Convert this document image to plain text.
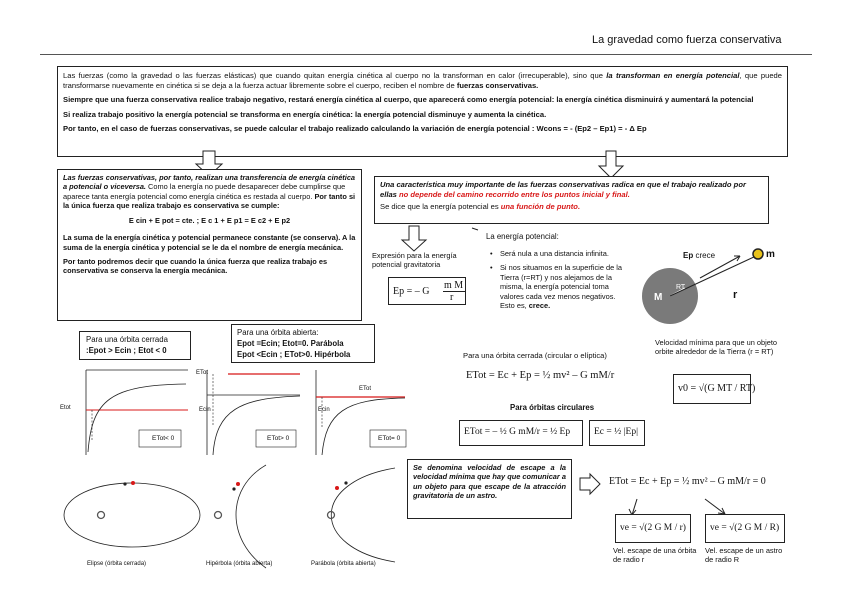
La gravedad como fuerza conservativa

Las fuerzas (como la gravedad o las fuerzas elásticas) que cuando quitan energía cinética al cuerpo no la transforman en calor (irrecuperable), sino que la transforman en energía potencial, que puede transformarse nuevamente en cinética si se deja a la fuerza actuar libremente sobre el cuerpo, reciben el nombre de fuerzas conservativas.

Siempre que una fuerza conservativa realice trabajo negativo, restará energía cinética al cuerpo, que aparecerá como energía potencial: la energía cinética disminuirá y aumentará la potencial

Si realiza trabajo positivo la energía potencial se transforma en energía cinética: la energía potencial disminuye y aumenta la cinética.

Por tanto, en el caso de fuerzas conservativas, se puede calcular el trabajo realizado calculando la variación de energía potencial : Wcons = - (Ep2 – Ep1) = - Δ Ep

Las fuerzas conservativas, por tanto, realizan una transferencia de energía cinética a potencial o viceversa. Como la energía no puede desaparecer debe cumplirse que aparece tanta energía potencial como energía cinética es restada al cuerpo. Por tanto si la única fuerza que realiza trabajo es conservativa se cumple:

E cin + E pot = cte. ; E c 1 + E p1 = E c2 + E p2

La suma de la energía cinética y potencial permanece constante (se conserva). A la suma de la energía cinética y potencial se le da el nombre de energía mecánica.

Por tanto podremos decir que cuando la única fuerza que realiza trabajo es conservativa se conserva la energía mecánica.

Una característica muy importante de las fuerzas conservativas radica en que el trabajo realizado por ellas no depende del camino recorrido entre los puntos inicial y final.

Se dice que la energía potencial es una función de punto.

Expresión para la energía potencial gravitatoria
Ep = – G
m M
r
La energía potencial:
• Será nula a una distancia infinita.
• Si nos situamos en la superficie de la Tierra (r=RT) y nos alejamos de la misma, la energía potencial toma valores cada vez menos negativos. Esto es, crece.
Ep crece	m
M
RT
r
Para una órbita cerrada
:Epot > Ecin ; Etot < 0
Para una órbita abierta:
Epot =Ecin; Etot=0. Parábola
Epot <Ecin ; ETot>0. Hipérbola
Etot
ETot< 0
ETot
Ecin
ETot> 0
ETot
Ecin
ETot= 0
Elipse (órbita cerrada)	Hipérbola (órbita abierta)	Parábola (órbita abierta)
Para una órbita cerrada (circular o elíptica)
ETot = Ec + Ep = ½ mv² – G mM/r
Para órbitas circulares
ETot = – ½ G mM/r = ½ Ep	Ec = ½ |Ep|
Velocidad mínima para que un objeto orbite alrededor de la Tierra (r = RT)
v0 = √(G MT / RT)
Se denomina velocidad de escape a la velocidad mínima que hay que comunicar a un objeto para que escape de la atracción gravitatoria de un astro.
ETot = Ec + Ep = ½ mv² – G mM/r = 0
ve = √(2 G M / r)	ve = √(2 G M / R)
Vel. escape de una órbita de radio r
Vel. escape de un astro de radio R
